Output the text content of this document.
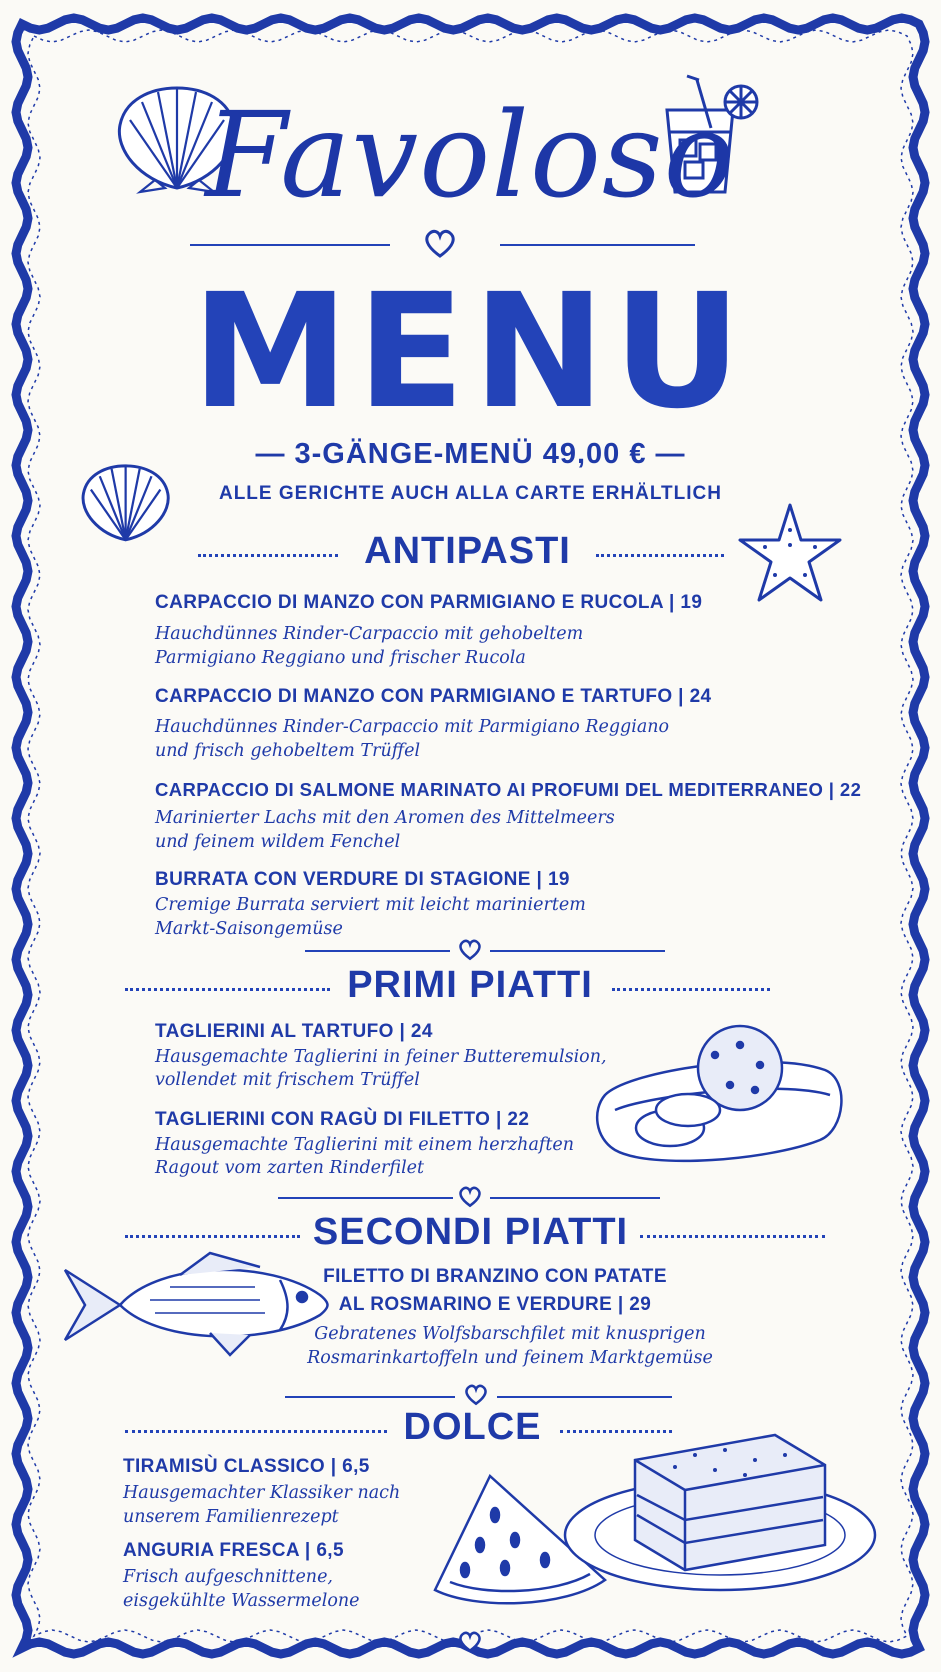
Favoloso
MENU
— 3-GÄNGE-MENÜ 49,00 € —
ALLE GERICHTE AUCH ALLA CARTE ERHÄLTLICH
ANTIPASTI
CARPACCIO DI MANZO CON PARMIGIANO E RUCOLA | 19
Hauchdünnes Rinder-Carpaccio mit gehobeltem
Parmigiano Reggiano und frischer Rucola
CARPACCIO DI MANZO CON PARMIGIANO E TARTUFO | 24
Hauchdünnes Rinder-Carpaccio mit Parmigiano Reggiano
und frisch gehobeltem Trüffel
CARPACCIO DI SALMONE MARINATO AI PROFUMI DEL MEDITERRANEO | 22
Marinierter Lachs mit den Aromen des Mittelmeers
und feinem wildem Fenchel
BURRATA CON VERDURE DI STAGIONE | 19
Cremige Burrata serviert mit leicht mariniertem
Markt-Saisongemüse
PRIMI PIATTI
TAGLIERINI AL TARTUFO | 24
Hausgemachte Taglierini in feiner Butteremulsion,
vollendet mit frischem Trüffel
TAGLIERINI CON RAGÙ DI FILETTO | 22
Hausgemachte Taglierini mit einem herzhaften
Ragout vom zarten Rinderfilet
SECONDI PIATTI
FILETTO DI BRANZINO CON PATATE
AL ROSMARINO E VERDURE | 29
Gebratenes Wolfsbarschfilet mit knusprigen
Rosmarinkartoffeln und feinem Marktgemüse
DOLCE
TIRAMISÙ CLASSICO | 6,5
Hausgemachter Klassiker nach
unserem Familienrezept
ANGURIA FRESCA | 6,5
Frisch aufgeschnittene,
eisgekühlte Wassermelone
